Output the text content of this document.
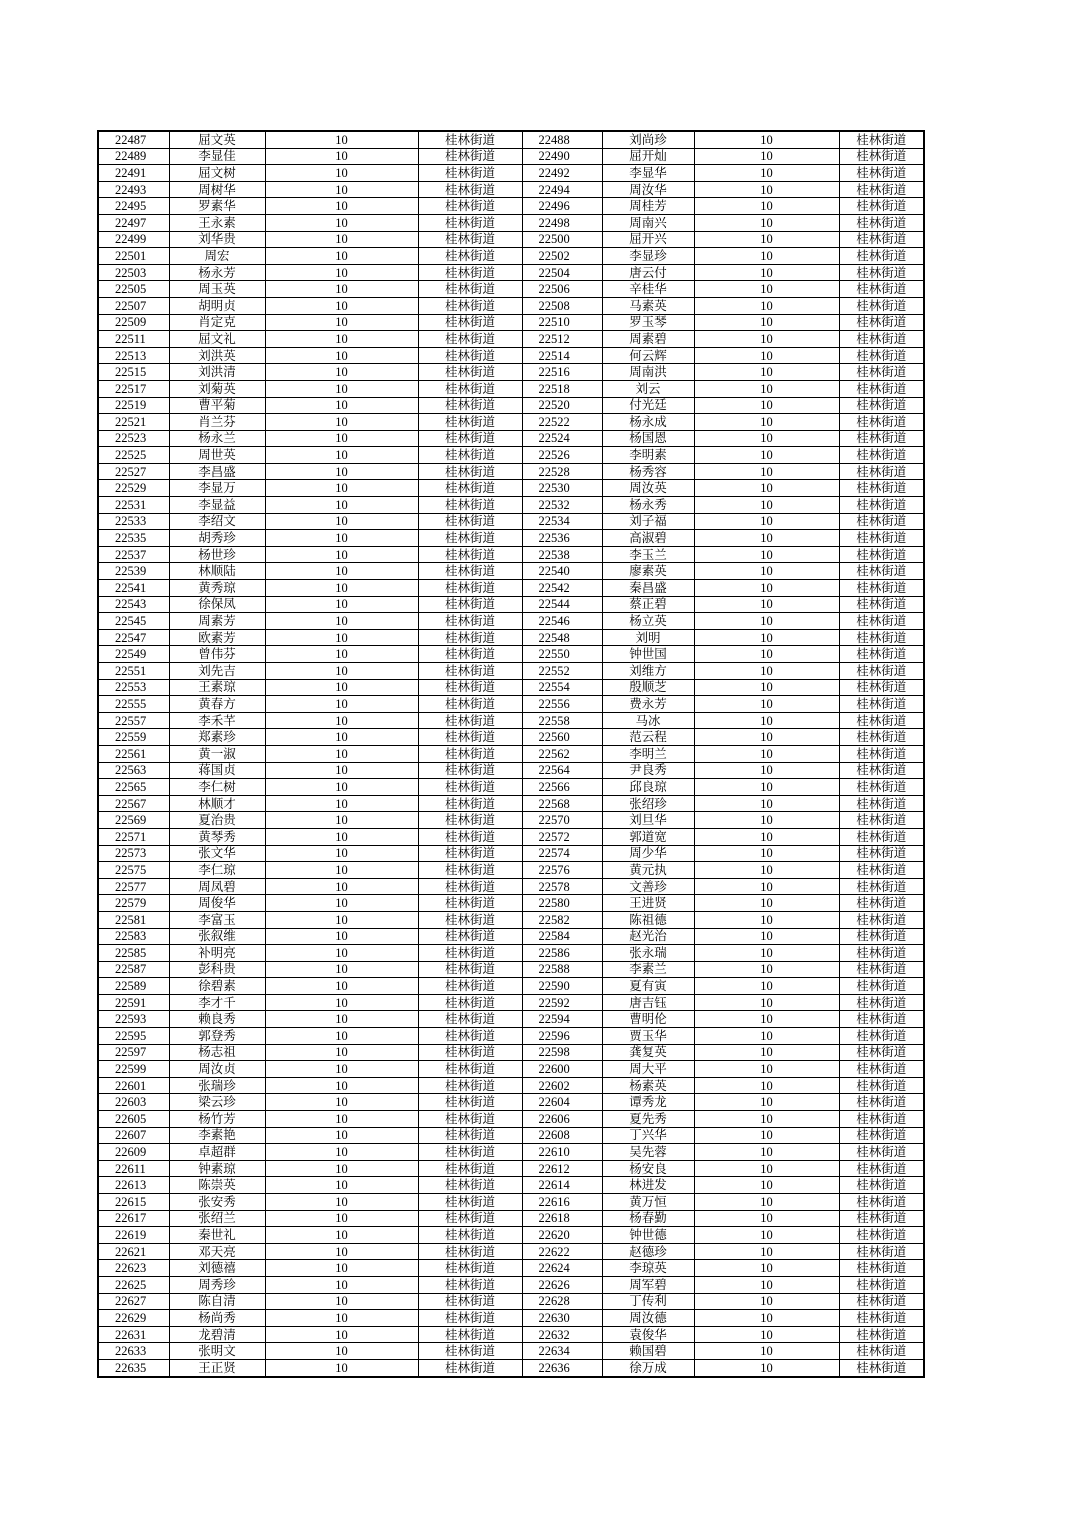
22487	屈文英	10	桂林街道	22488	刘尚珍	10	桂林街道
22489	李显佳	10	桂林街道	22490	屈开灿	10	桂林街道
22491	屈文树	10	桂林街道	22492	李显华	10	桂林街道
22493	周树华	10	桂林街道	22494	周汝华	10	桂林街道
22495	罗素华	10	桂林街道	22496	周桂芳	10	桂林街道
22497	王永素	10	桂林街道	22498	周南兴	10	桂林街道
22499	刘华贵	10	桂林街道	22500	屈开兴	10	桂林街道
22501	周宏	10	桂林街道	22502	李显珍	10	桂林街道
22503	杨永芳	10	桂林街道	22504	唐云付	10	桂林街道
22505	周玉英	10	桂林街道	22506	辛桂华	10	桂林街道
22507	胡明贞	10	桂林街道	22508	马素英	10	桂林街道
22509	肖定克	10	桂林街道	22510	罗玉琴	10	桂林街道
22511	屈文礼	10	桂林街道	22512	周素碧	10	桂林街道
22513	刘洪英	10	桂林街道	22514	何云辉	10	桂林街道
22515	刘洪清	10	桂林街道	22516	周南洪	10	桂林街道
22517	刘菊英	10	桂林街道	22518	刘云	10	桂林街道
22519	曹平菊	10	桂林街道	22520	付光廷	10	桂林街道
22521	肖兰芬	10	桂林街道	22522	杨永成	10	桂林街道
22523	杨永兰	10	桂林街道	22524	杨国恩	10	桂林街道
22525	周世英	10	桂林街道	22526	李明素	10	桂林街道
22527	李昌盛	10	桂林街道	22528	杨秀容	10	桂林街道
22529	李显万	10	桂林街道	22530	周汝英	10	桂林街道
22531	李显益	10	桂林街道	22532	杨永秀	10	桂林街道
22533	李绍文	10	桂林街道	22534	刘子福	10	桂林街道
22535	胡秀珍	10	桂林街道	22536	高淑碧	10	桂林街道
22537	杨世珍	10	桂林街道	22538	李玉兰	10	桂林街道
22539	林顺陆	10	桂林街道	22540	廖素英	10	桂林街道
22541	黄秀琼	10	桂林街道	22542	秦昌盛	10	桂林街道
22543	徐保凤	10	桂林街道	22544	蔡正碧	10	桂林街道
22545	周素芳	10	桂林街道	22546	杨立英	10	桂林街道
22547	欧素芳	10	桂林街道	22548	刘明	10	桂林街道
22549	曾伟芬	10	桂林街道	22550	钟世国	10	桂林街道
22551	刘先吉	10	桂林街道	22552	刘维方	10	桂林街道
22553	王素琼	10	桂林街道	22554	殷顺芝	10	桂林街道
22555	黄春方	10	桂林街道	22556	费永芳	10	桂林街道
22557	李禾芊	10	桂林街道	22558	马冰	10	桂林街道
22559	郑素珍	10	桂林街道	22560	范云程	10	桂林街道
22561	黄一淑	10	桂林街道	22562	李明兰	10	桂林街道
22563	蒋国贞	10	桂林街道	22564	尹良秀	10	桂林街道
22565	李仁树	10	桂林街道	22566	邱良琼	10	桂林街道
22567	林顺才	10	桂林街道	22568	张绍珍	10	桂林街道
22569	夏治贵	10	桂林街道	22570	刘旦华	10	桂林街道
22571	黄琴秀	10	桂林街道	22572	郭道宽	10	桂林街道
22573	张文华	10	桂林街道	22574	周少华	10	桂林街道
22575	李仁琼	10	桂林街道	22576	黄元执	10	桂林街道
22577	周凤碧	10	桂林街道	22578	文善珍	10	桂林街道
22579	周俊华	10	桂林街道	22580	王进贤	10	桂林街道
22581	李富玉	10	桂林街道	22582	陈祖德	10	桂林街道
22583	张叙维	10	桂林街道	22584	赵光治	10	桂林街道
22585	补明亮	10	桂林街道	22586	张永瑞	10	桂林街道
22587	彭科贵	10	桂林街道	22588	李素兰	10	桂林街道
22589	徐碧素	10	桂林街道	22590	夏有寅	10	桂林街道
22591	李才千	10	桂林街道	22592	唐吉钰	10	桂林街道
22593	赖良秀	10	桂林街道	22594	曹明伦	10	桂林街道
22595	郭登秀	10	桂林街道	22596	贾玉华	10	桂林街道
22597	杨志祖	10	桂林街道	22598	龚复英	10	桂林街道
22599	周汝贞	10	桂林街道	22600	周大平	10	桂林街道
22601	张瑞珍	10	桂林街道	22602	杨素英	10	桂林街道
22603	梁云珍	10	桂林街道	22604	谭秀龙	10	桂林街道
22605	杨竹芳	10	桂林街道	22606	夏先秀	10	桂林街道
22607	李素艳	10	桂林街道	22608	丁兴华	10	桂林街道
22609	卓超群	10	桂林街道	22610	吴先蓉	10	桂林街道
22611	钟素琼	10	桂林街道	22612	杨安良	10	桂林街道
22613	陈崇英	10	桂林街道	22614	林进发	10	桂林街道
22615	张安秀	10	桂林街道	22616	黄万恒	10	桂林街道
22617	张绍兰	10	桂林街道	22618	杨春勤	10	桂林街道
22619	秦世礼	10	桂林街道	22620	钟世德	10	桂林街道
22621	邓天亮	10	桂林街道	22622	赵德珍	10	桂林街道
22623	刘德禧	10	桂林街道	22624	李琼英	10	桂林街道
22625	周秀珍	10	桂林街道	22626	周军碧	10	桂林街道
22627	陈自清	10	桂林街道	22628	丁传利	10	桂林街道
22629	杨尚秀	10	桂林街道	22630	周汝德	10	桂林街道
22631	龙碧清	10	桂林街道	22632	袁俊华	10	桂林街道
22633	张明文	10	桂林街道	22634	赖国碧	10	桂林街道
22635	王正贤	10	桂林街道	22636	徐万成	10	桂林街道
